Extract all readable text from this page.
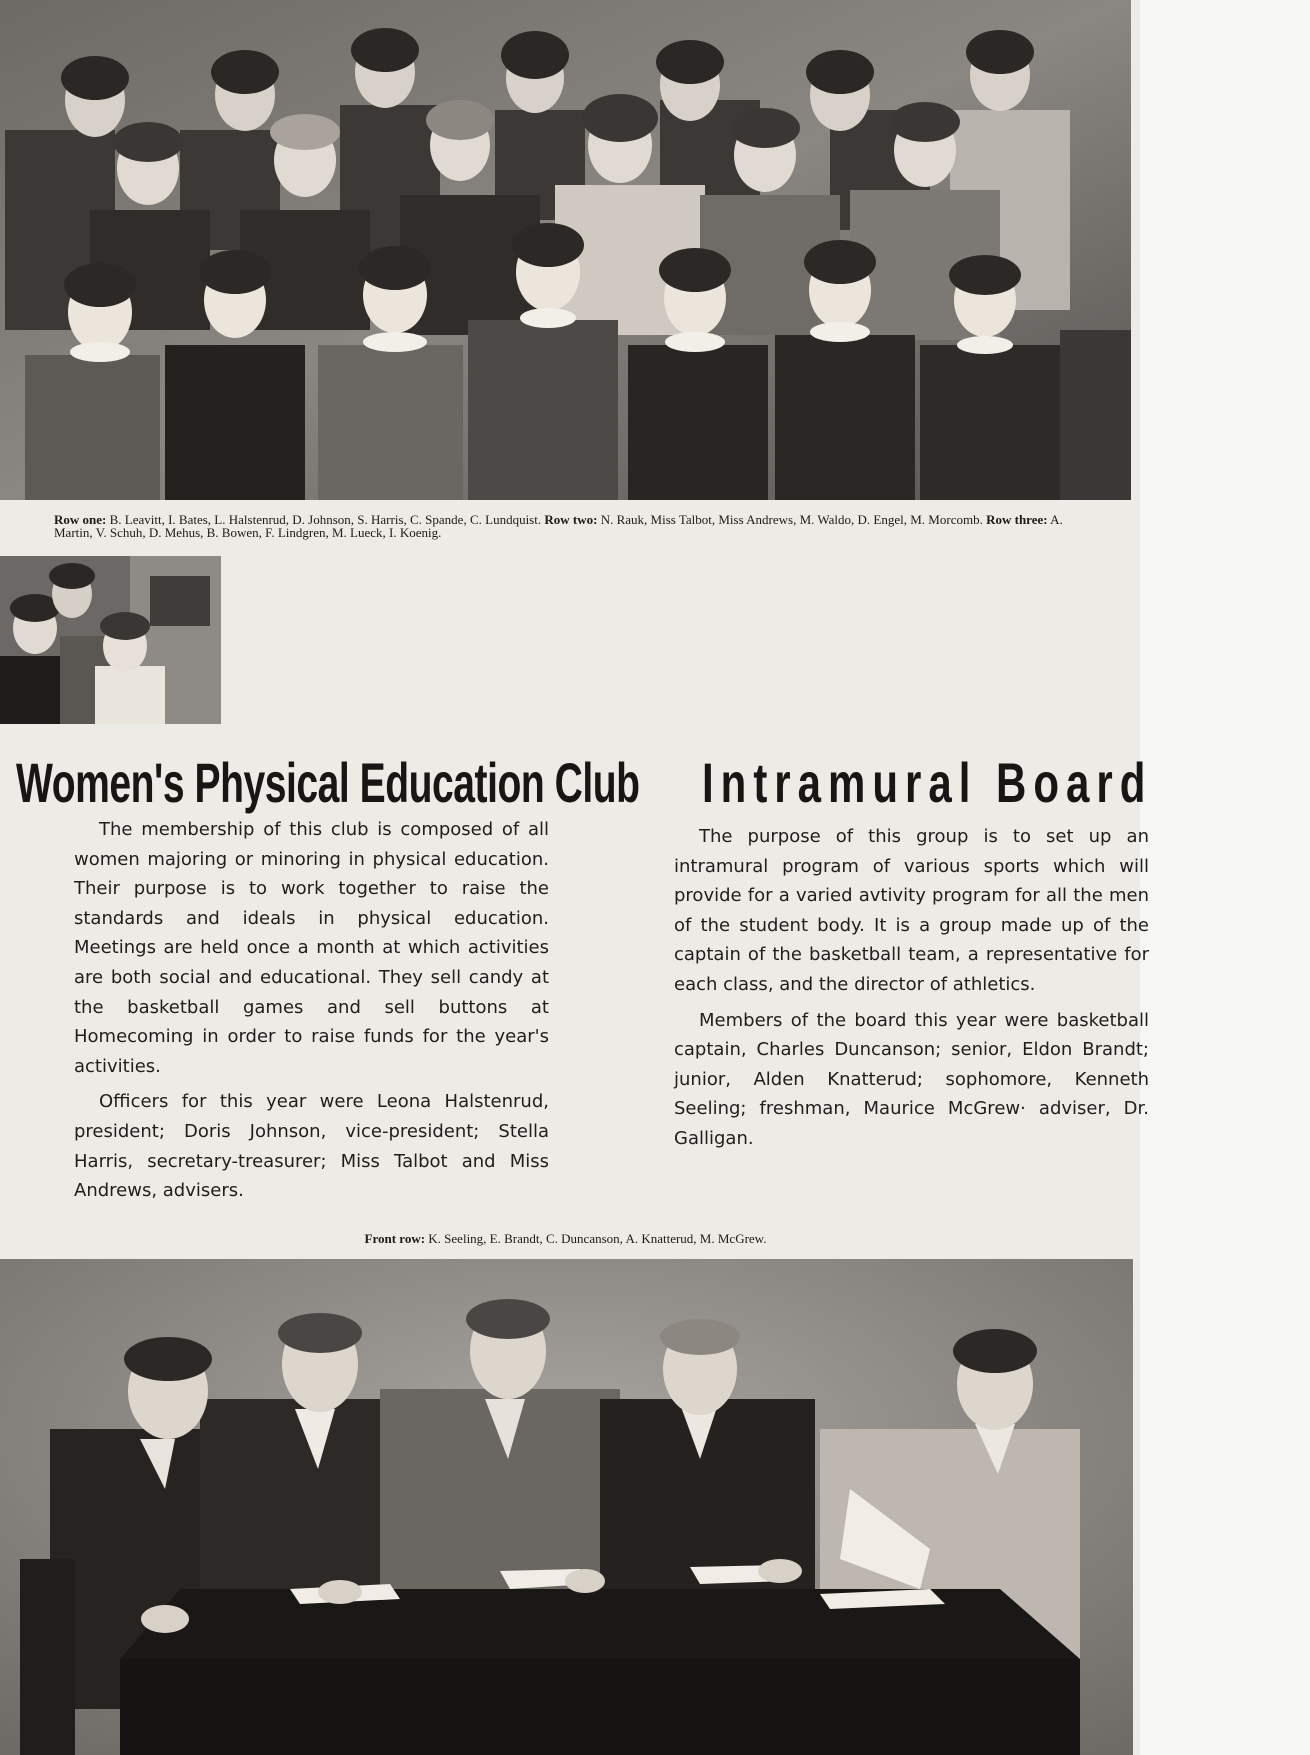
Row one: B. Leavitt, I. Bates, L. Halstenrud, D. Johnson, S. Harris, C. Spande, C. Lundquist. Row two: N. Rauk, Miss Talbot, Miss Andrews, M. Waldo, D. Engel, M. Morcomb. Row three: A. Martin, V. Schuh, D. Mehus, B. Bowen, F. Lindgren, M. Lueck, I. Koenig.

Women's Physical Education Club Intramural Board

The membership of this club is composed of all women majoring or minoring in physical education. Their purpose is to work together to raise the standards and ideals in physical education. Meetings are held once a month at which activities are both social and educational. They sell candy at the basketball games and sell buttons at Homecoming in order to raise funds for the year's activities.

Officers for this year were Leona Halstenrud, president; Doris Johnson, vice-president; Stella Harris, secretary-treasurer; Miss Talbot and Miss Andrews, advisers.

The purpose of this group is to set up an intramural program of various sports which will provide for a varied avtivity program for all the men of the student body. It is a group made up of the captain of the basketball team, a representative for each class, and the director of athletics.

Members of the board this year were basketball captain, Charles Duncanson; senior, Eldon Brandt; junior, Alden Knatterud; sophomore, Kenneth Seeling; freshman, Maurice McGrew· adviser, Dr. Galligan.

Front row: K. Seeling, E. Brandt, C. Duncanson, A. Knatterud, M. McGrew.
